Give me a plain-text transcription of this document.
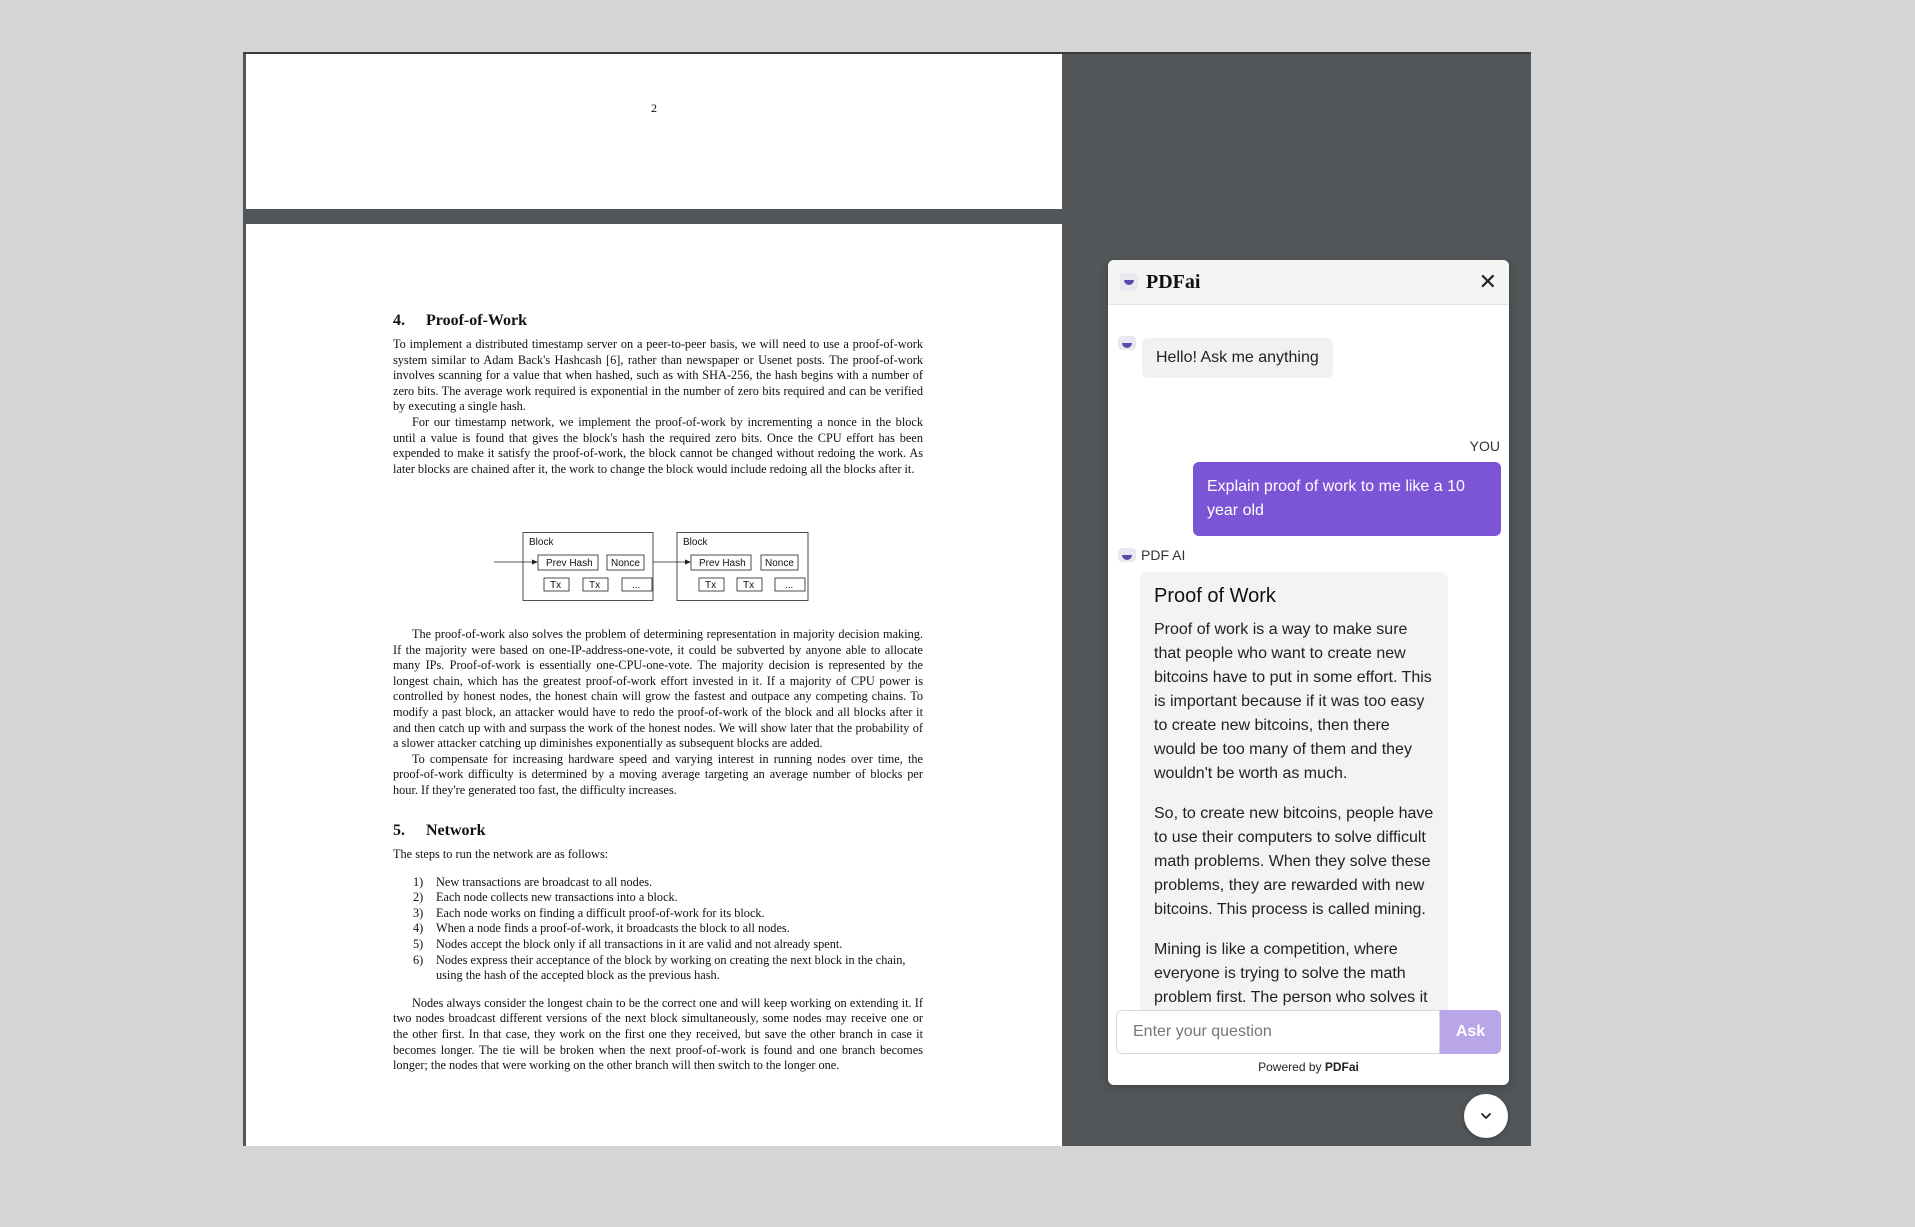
2
4. Proof-of-Work

To implement a distributed timestamp server on a peer-to-peer basis, we will need to use a proof-of-work system similar to Adam Back's Hashcash [6], rather than newspaper or Usenet posts. The proof-of-work involves scanning for a value that when hashed, such as with SHA-256, the hash begins with a number of zero bits. The average work required is exponential in the number of zero bits required and can be verified by executing a single hash.

For our timestamp network, we implement the proof-of-work by incrementing a nonce in the block until a value is found that gives the block's hash the required zero bits. Once the CPU effort has been expended to make it satisfy the proof-of-work, the block cannot be changed without redoing the work. As later blocks are chained after it, the work to change the block would include redoing all the blocks after it.

Block
Prev Hash Nonce
Tx	Tx	...
Block
Prev Hash Nonce
Tx	Tx	...

The proof-of-work also solves the problem of determining representation in majority decision making. If the majority were based on one-IP-address-one-vote, it could be subverted by anyone able to allocate many IPs. Proof-of-work is essentially one-CPU-one-vote. The majority decision is represented by the longest chain, which has the greatest proof-of-work effort invested in it. If a majority of CPU power is controlled by honest nodes, the honest chain will grow the fastest and outpace any competing chains. To modify a past block, an attacker would have to redo the proof-of-work of the block and all blocks after it and then catch up with and surpass the work of the honest nodes. We will show later that the probability of a slower attacker catching up diminishes exponentially as subsequent blocks are added.

To compensate for increasing hardware speed and varying interest in running nodes over time, the proof-of-work difficulty is determined by a moving average targeting an average number of blocks per hour. If they're generated too fast, the difficulty increases.

5. Network

The steps to run the network are as follows:

1)	New transactions are broadcast to all nodes.
2)	Each node collects new transactions into a block.
3)	Each node works on finding a difficult proof-of-work for its block.
4)	When a node finds a proof-of-work, it broadcasts the block to all nodes.
5)	Nodes accept the block only if all transactions in it are valid and not already spent.
6)	Nodes express their acceptance of the block by working on creating the next block in the chain, using the hash of the accepted block as the previous hash.

Nodes always consider the longest chain to be the correct one and will keep working on extending it. If two nodes broadcast different versions of the next block simultaneously, some nodes may receive one or the other first. In that case, they work on the first one they received, but save the other branch in case it becomes longer. The tie will be broken when the next proof-of-work is found and one branch becomes longer; the nodes that were working on the other branch will then switch to the longer one.

PDFai	✕
Hello! Ask me anything
YOU
Explain proof of work to me like a 10 year old
PDF AI
Proof of Work

Proof of work is a way to make sure that people who want to create new bitcoins have to put in some effort. This is important because if it was too easy to create new bitcoins, then there would be too many of them and they wouldn't be worth as much.

So, to create new bitcoins, people have to use their computers to solve difficult math problems. When they solve these problems, they are rewarded with new bitcoins. This process is called mining.

Mining is like a competition, where everyone is trying to solve the math problem first. The person who solves it

Enter your question
Ask
Powered by PDFai
